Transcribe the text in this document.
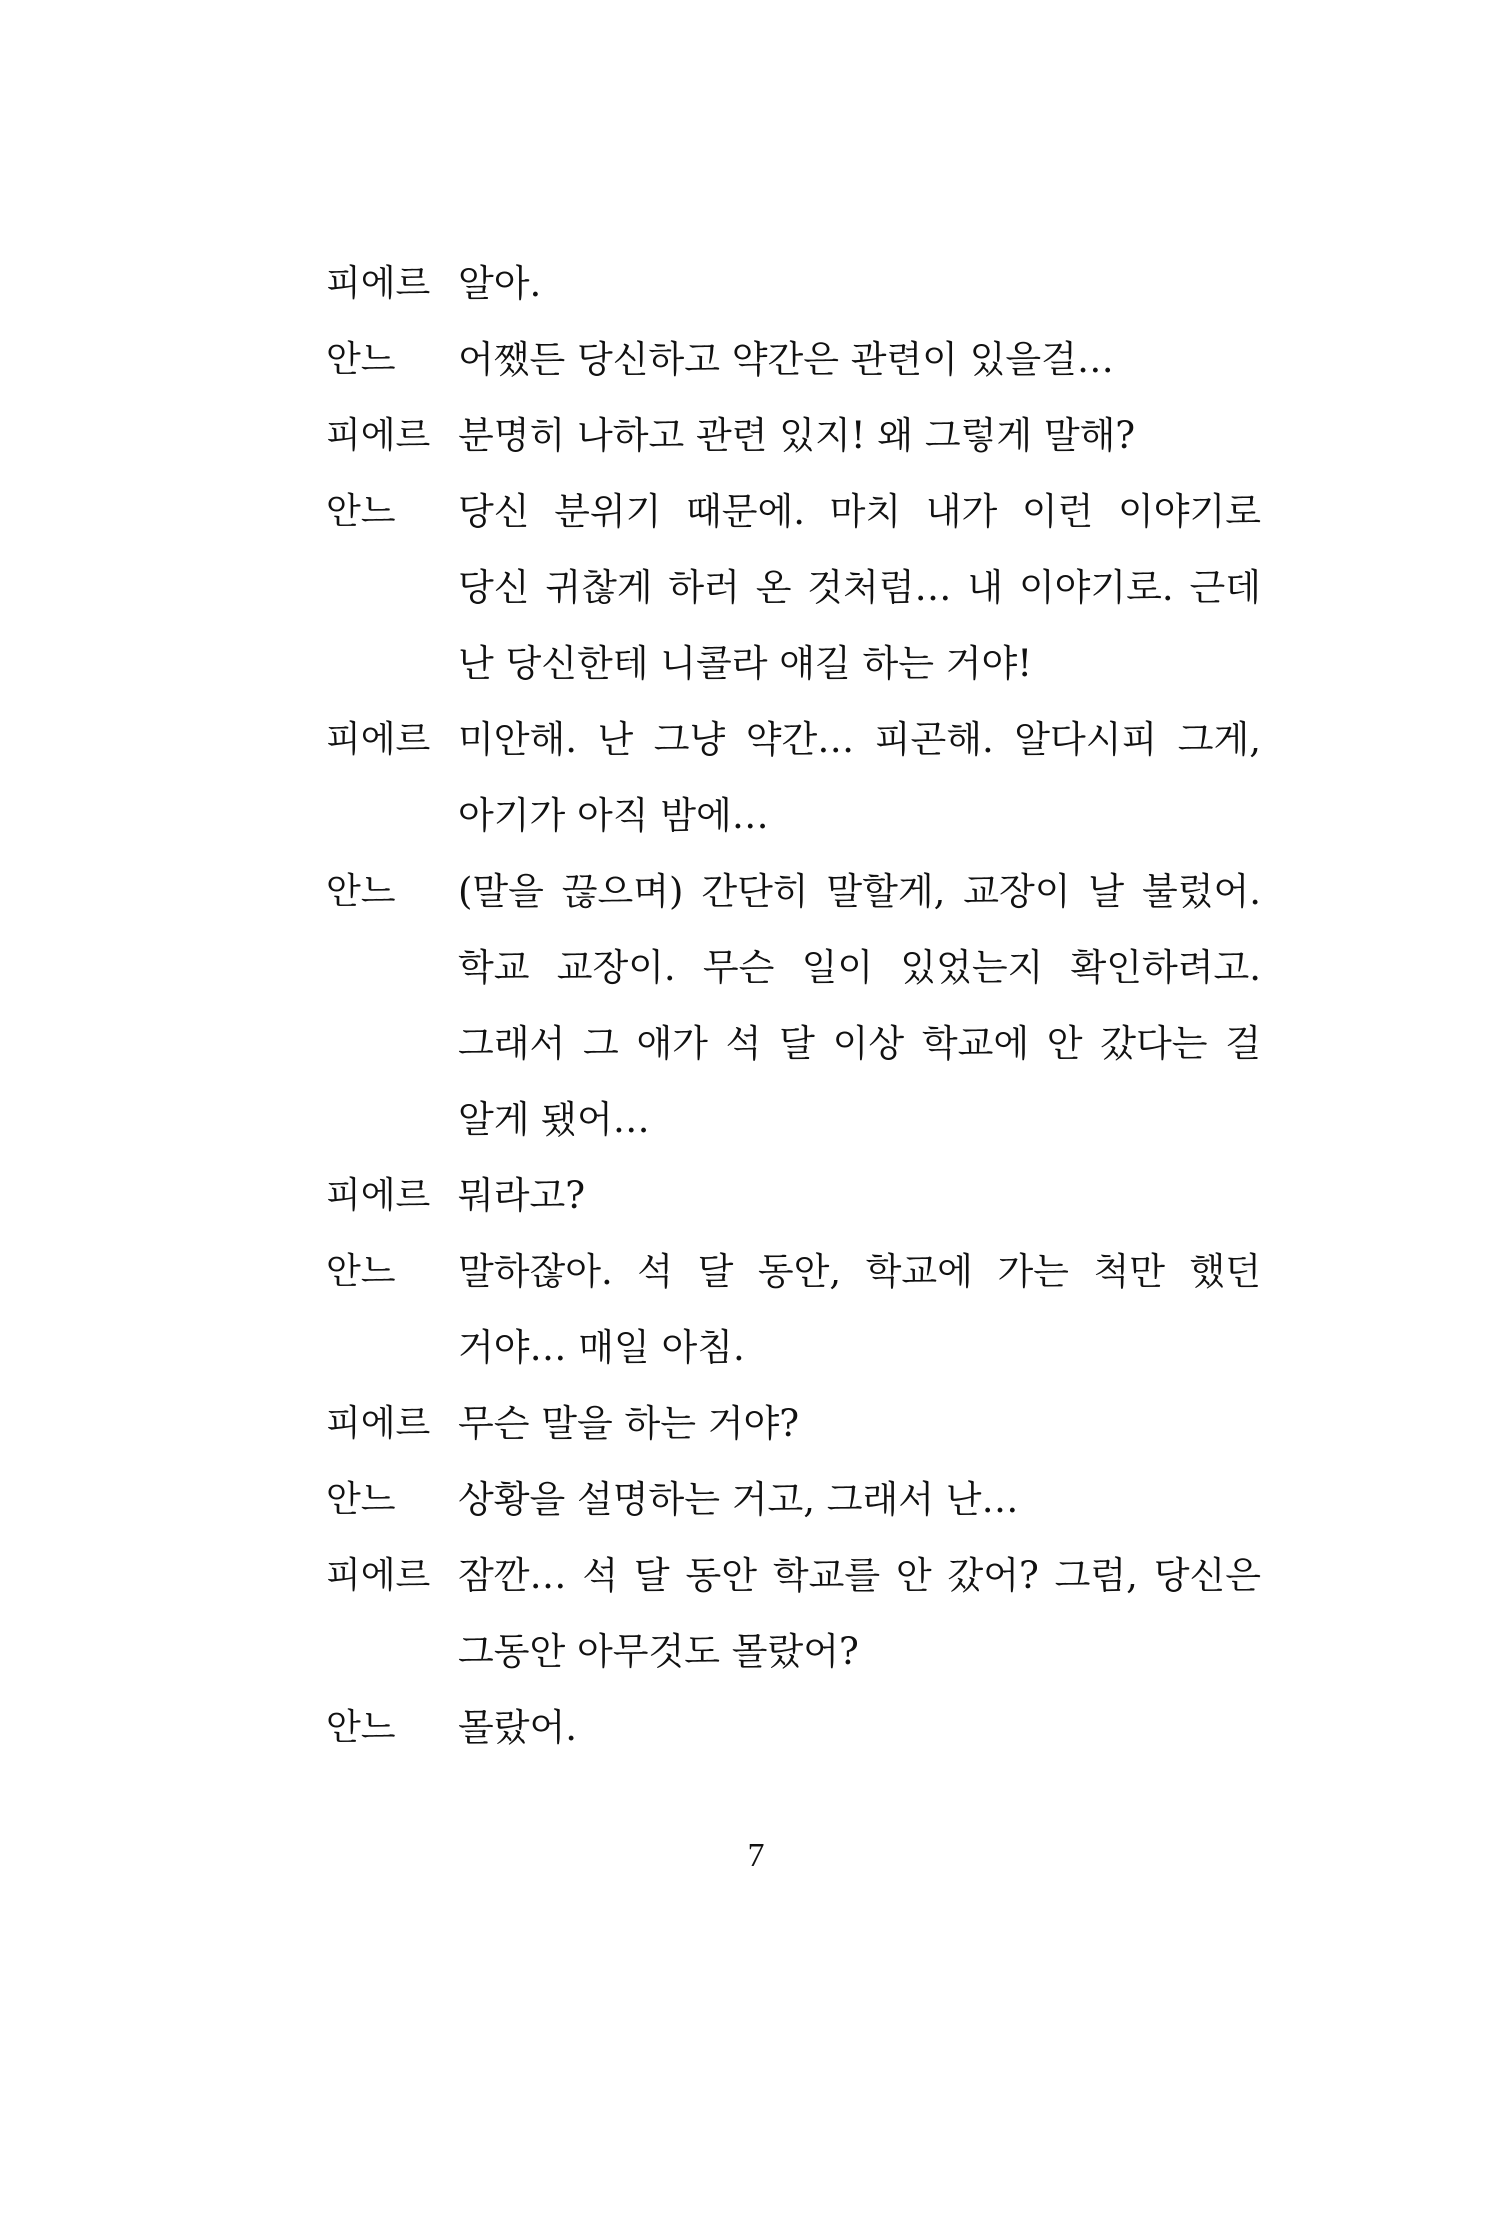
피에르 알아.
안느	어쨌든 당신하고 약간은 관련이 있을걸…
피에르 분명히 나하고 관련 있지! 왜 그렇게 말해?
안느	당신 분위기 때문에. 마치 내가 이런 이야기로 당신 귀찮게 하러 온 것처럼… 내 이야기로. 근데 난 당신한테 니콜라 얘길 하는 거야!
피에르 미안해. 난 그냥 약간… 피곤해. 알다시피 그게, 아기가 아직 밤에…
안느	(말을 끊으며) 간단히 말할게, 교장이 날 불렀어. 학교 교장이. 무슨 일이 있었는지 확인하려고. 그래서 그 애가 석 달 이상 학교에 안 갔다는 걸 알게 됐어…
피에르 뭐라고?
안느	말하잖아. 석 달 동안, 학교에 가는 척만 했던 거야… 매일 아침.
피에르 무슨 말을 하는 거야?
안느	상황을 설명하는 거고, 그래서 난…
피에르 잠깐… 석 달 동안 학교를 안 갔어? 그럼, 당신은 그동안 아무것도 몰랐어?
안느	몰랐어.
7
